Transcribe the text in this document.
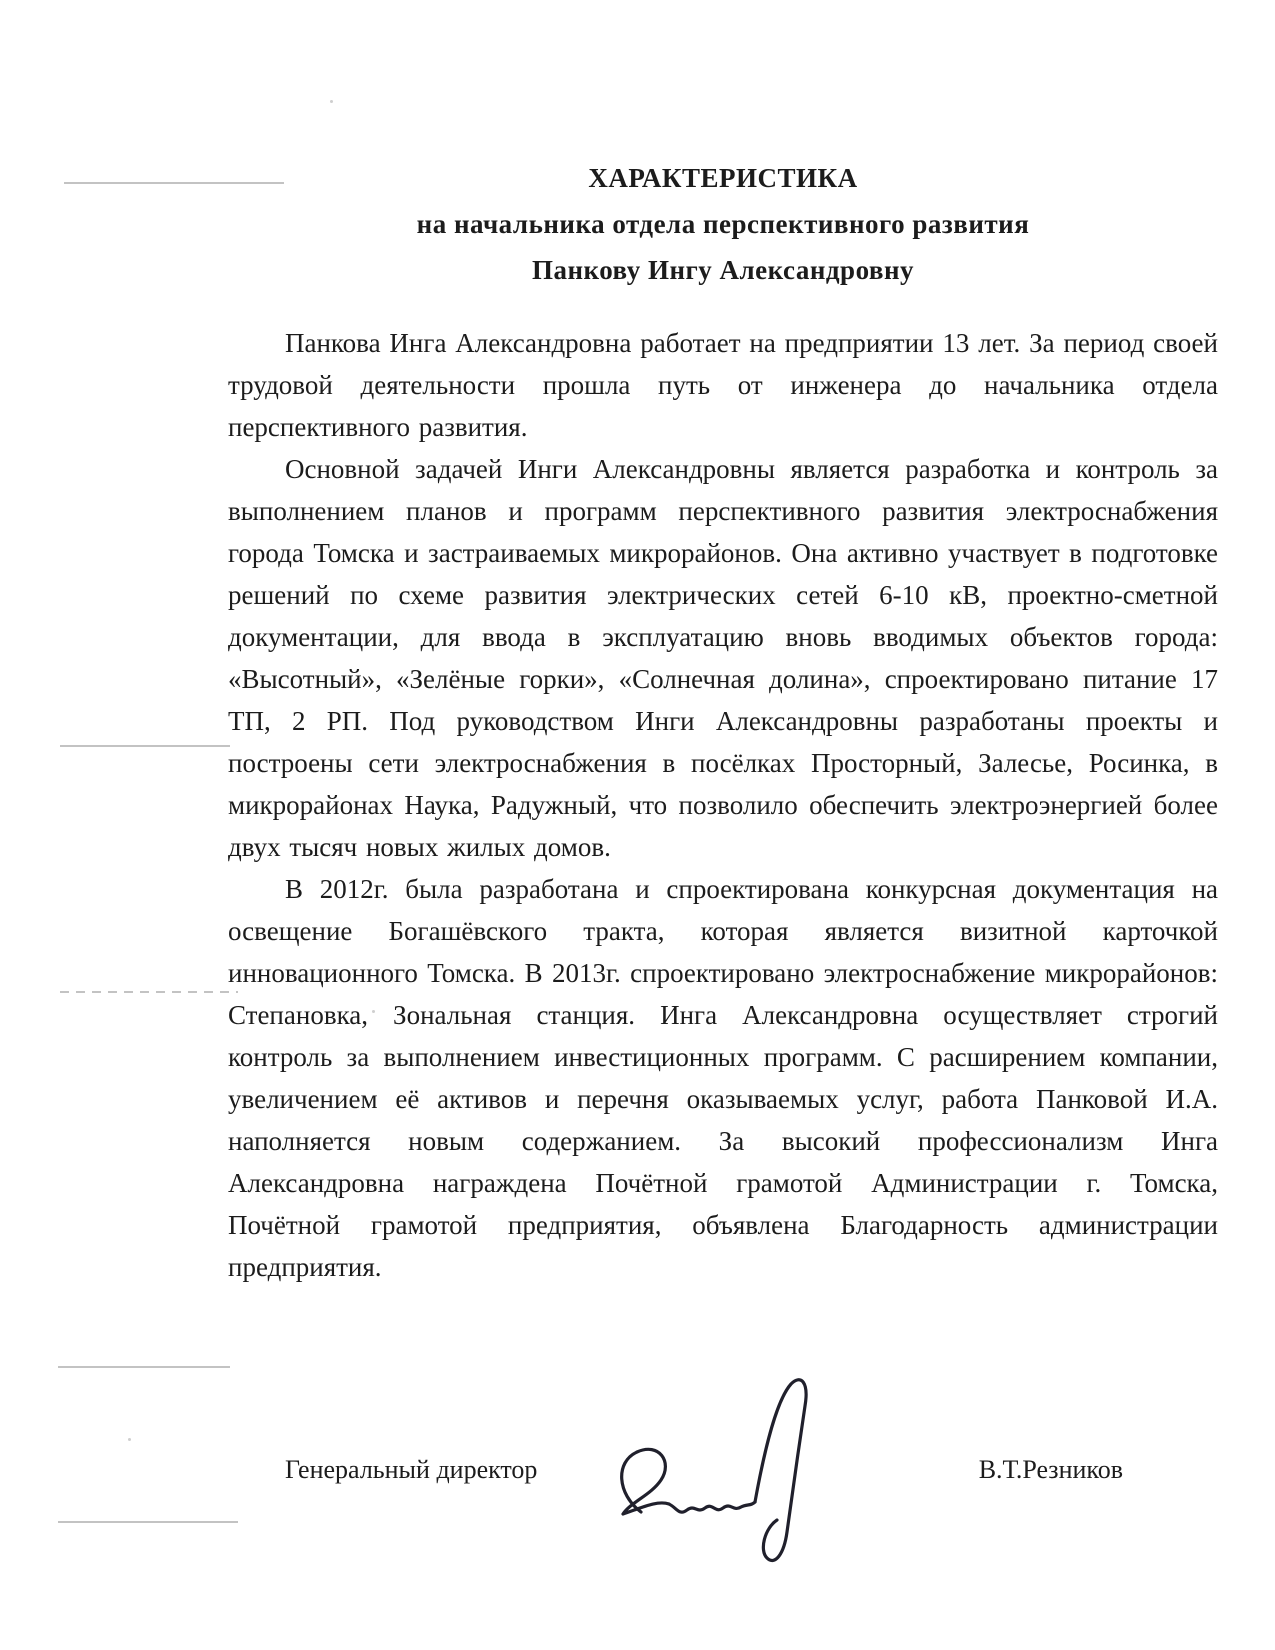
ХАРАКТЕРИСТИКА
на начальника отдела перспективного развития
Панкову Ингу Александровну

Панкова Инга Александровна работает на предприятии 13 лет. За период своей трудовой деятельности прошла путь от инженера до начальника отдела перспективного развития.

Основной задачей Инги Александровны является разработка и контроль за выполнением планов и программ перспективного развития электроснабжения города Томска и застраиваемых микрорайонов. Она активно участвует в подготовке решений по схеме развития электрических сетей 6-10 кВ, проектно-сметной документации, для ввода в эксплуатацию вновь вводимых объектов города: «Высотный», «Зелёные горки», «Солнечная долина», спроектировано питание 17 ТП, 2 РП. Под руководством Инги Александровны разработаны проекты и построены сети электроснабжения в посёлках Просторный, Залесье, Росинка, в микрорайонах Наука, Радужный, что позволило обеспечить электроэнергией более двух тысяч новых жилых домов.

В 2012г. была разработана и спроектирована конкурсная документация на освещение Богашёвского тракта, которая является визитной карточкой инновационного Томска. В 2013г. спроектировано электроснабжение микрорайонов: Степановка, Зональная станция. Инга Александровна осуществляет строгий контроль за выполнением инвестиционных программ. С расширением компании, увеличением её активов и перечня оказываемых услуг, работа Панковой И.А. наполняется новым содержанием. За высокий профессионализм Инга Александровна награждена Почётной грамотой Администрации г. Томска, Почётной грамотой предприятия, объявлена Благодарность администрации предприятия.

Генеральный директор	В.Т.Резников
